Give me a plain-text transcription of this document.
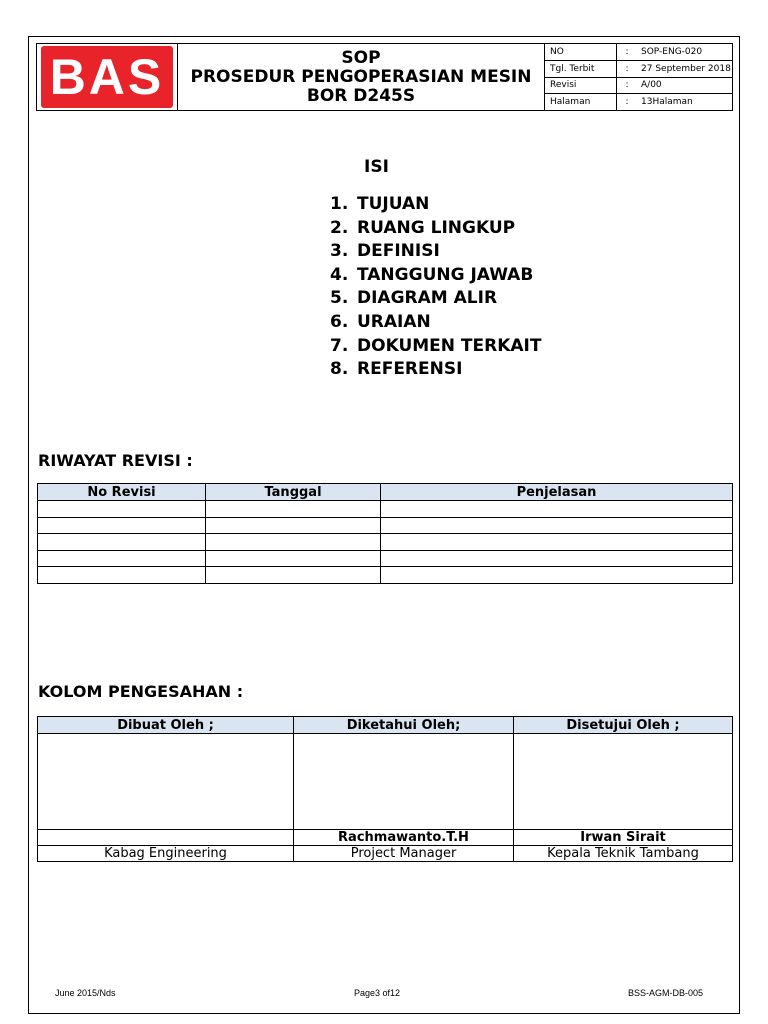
BAS	SOP
PROSEDUR PENGOPERASIAN MESIN
BOR D245S
NO	:	SOP-ENG-020
Tgl. Terbit	:	27 September 2018
Revisi	:	A/00
Halaman	:	13Halaman
ISI
1. TUJUAN
2. RUANG LINGKUP
3. DEFINISI
4. TANGGUNG JAWAB
5. DIAGRAM ALIR
6. URAIAN
7. DOKUMEN TERKAIT
8. REFERENSI
RIWAYAT REVISI :
No Revisi	Tanggal	Penjelasan

KOLOM PENGESAHAN :
Dibuat Oleh ;	Diketahui Oleh;	Disetujui Oleh ;

	Rachmawanto.T.H	Irwan Sirait
Kabag Engineering	Project Manager	Kepala Teknik Tambang
June 2015/Nds	Page3 of12	BSS-AGM-DB-005
